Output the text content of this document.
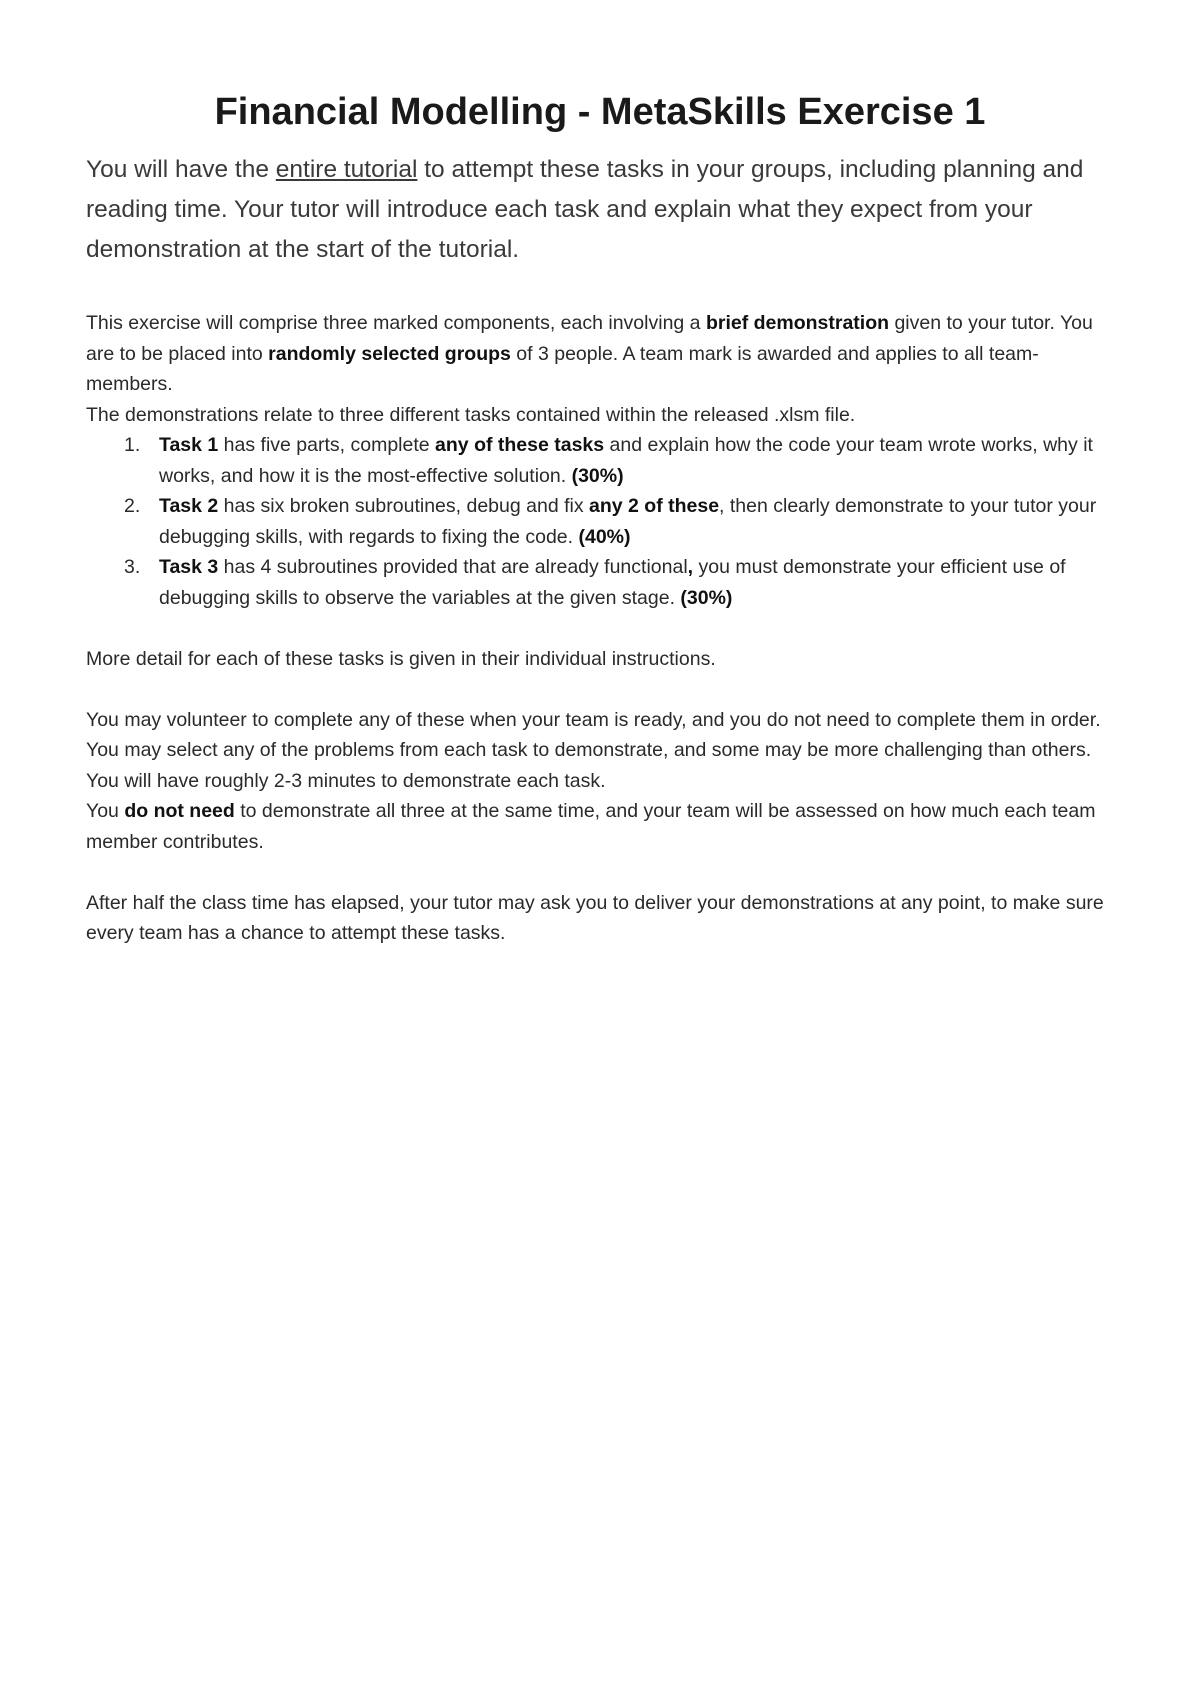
Financial Modelling - MetaSkills Exercise 1

You will have the entire tutorial to attempt these tasks in your groups, including planning and reading time. Your tutor will introduce each task and explain what they expect from your demonstration at the start of the tutorial.

This exercise will comprise three marked components, each involving a brief demonstration given to your tutor. You are to be placed into randomly selected groups of 3 people. A team mark is awarded and applies to all team-members.

The demonstrations relate to three different tasks contained within the released .xlsm file.

1. Task 1 has five parts, complete any of these tasks and explain how the code your team wrote works, why it works, and how it is the most-effective solution. (30%)
2. Task 2 has six broken subroutines, debug and fix any 2 of these, then clearly demonstrate to your tutor your debugging skills, with regards to fixing the code. (40%)
3. Task 3 has 4 subroutines provided that are already functional, you must demonstrate your efficient use of debugging skills to observe the variables at the given stage. (30%)

More detail for each of these tasks is given in their individual instructions.

You may volunteer to complete any of these when your team is ready, and you do not need to complete them in order. You may select any of the problems from each task to demonstrate, and some may be more challenging than others. You will have roughly 2-3 minutes to demonstrate each task.

You do not need to demonstrate all three at the same time, and your team will be assessed on how much each team member contributes.

After half the class time has elapsed, your tutor may ask you to deliver your demonstrations at any point, to make sure every team has a chance to attempt these tasks.
